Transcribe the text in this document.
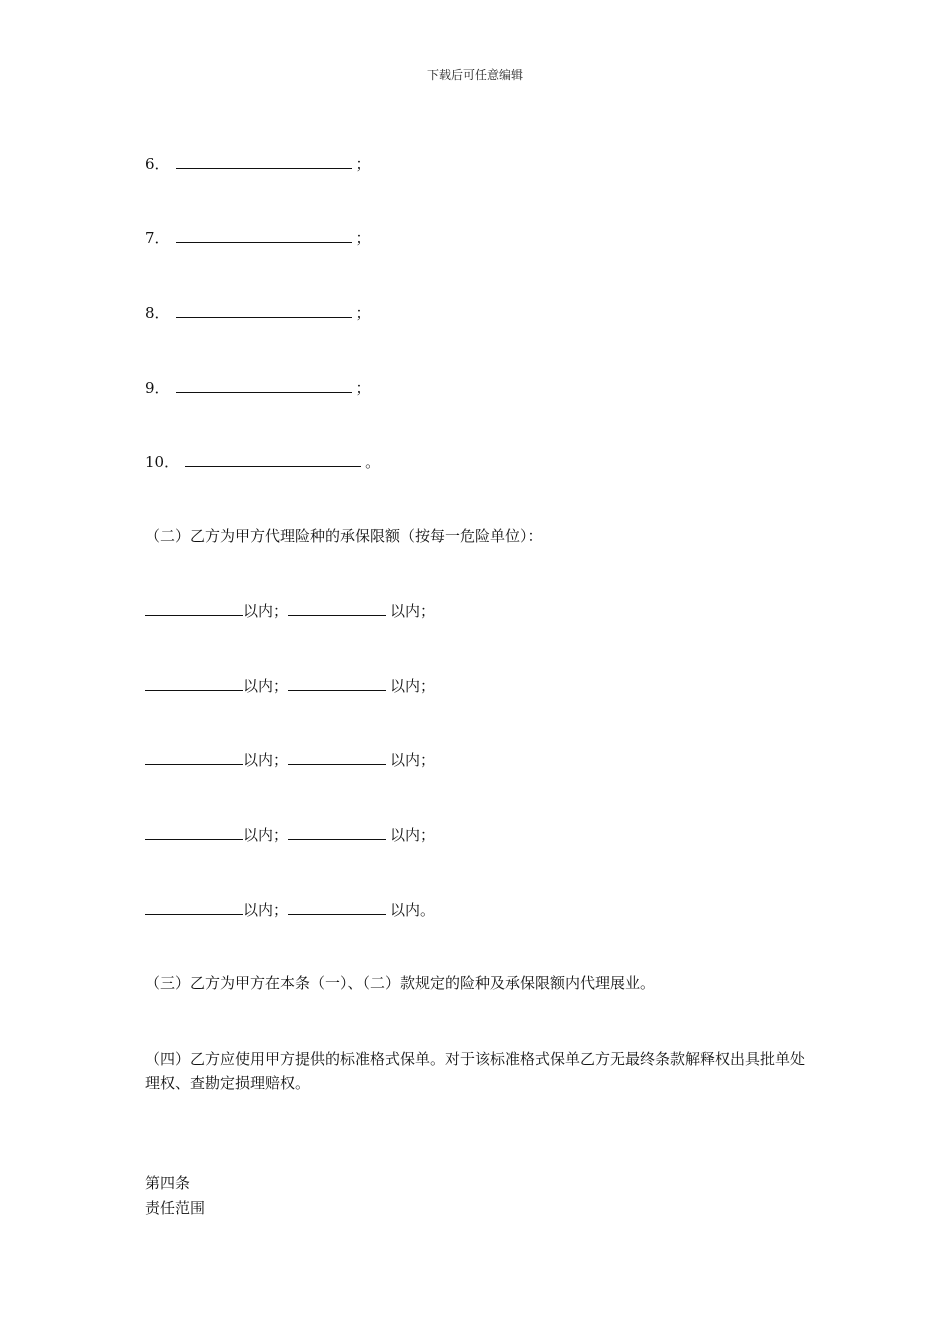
下载后可任意编辑
6．	；
7．	；
8．	；
9．	；
10．	。
（二）乙方为甲方代理险种的承保限额（按每一危险单位）：
以内；	以内；
以内；	以内；
以内；	以内；
以内；	以内；
以内；	以内。
（三）乙方为甲方在本条（一）、（二）款规定的险种及承保限额内代理展业。
（四）乙方应使用甲方提供的标准格式保单。对于该标准格式保单乙方无最终条款解释权出具批单处理权、查勘定损理赔权。
第四条
责任范围
